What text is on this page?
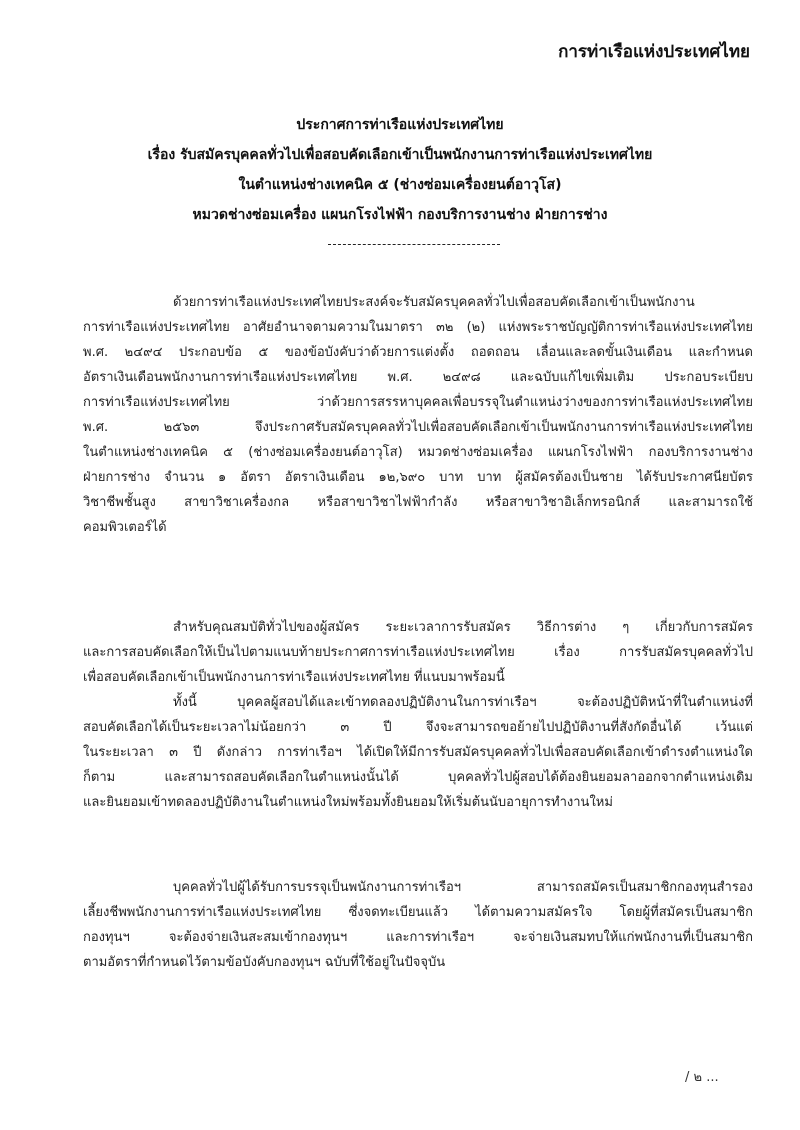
การท่าเรือแห่งประเทศไทย
ประกาศการท่าเรือแห่งประเทศไทย
เรื่อง รับสมัครบุคคลทั่วไปเพื่อสอบคัดเลือกเข้าเป็นพนักงานการท่าเรือแห่งประเทศไทย
ในตำแหน่งช่างเทคนิค ๕ (ช่างซ่อมเครื่องยนต์อาวุโส)
หมวดช่างซ่อมเครื่อง แผนกโรงไฟฟ้า กองบริการงานช่าง ฝ่ายการช่าง
ด้วยการท่าเรือแห่งประเทศไทยประสงค์จะรับสมัครบุคคลทั่วไปเพื่อสอบคัดเลือกเข้าเป็นพนักงาน
การท่าเรือแห่งประเทศไทย อาศัยอำนาจตามความในมาตรา ๓๒ (๒) แห่งพระราชบัญญัติการท่าเรือแห่งประเทศไทย
พ.ศ. ๒๔๙๔ ประกอบข้อ ๕ ของข้อบังคับว่าด้วยการแต่งตั้ง ถอดถอน เลื่อนและลดขั้นเงินเดือน และกำหนด
อัตราเงินเดือนพนักงานการท่าเรือแห่งประเทศไทย พ.ศ. ๒๔๙๘ และฉบับแก้ไขเพิ่มเติม ประกอบระเบียบ
การท่าเรือแห่งประเทศไทย ว่าด้วยการสรรหาบุคคลเพื่อบรรจุในตำแหน่งว่างของการท่าเรือแห่งประเทศไทย
พ.ศ. ๒๕๖๓ จึงประกาศรับสมัครบุคคลทั่วไปเพื่อสอบคัดเลือกเข้าเป็นพนักงานการท่าเรือแห่งประเทศไทย
ในตำแหน่งช่างเทคนิค ๕ (ช่างซ่อมเครื่องยนต์อาวุโส) หมวดช่างซ่อมเครื่อง แผนกโรงไฟฟ้า กองบริการงานช่าง
ฝ่ายการช่าง จำนวน ๑ อัตรา อัตราเงินเดือน ๑๒,๖๙๐ บาท บาท ผู้สมัครต้องเป็นชาย ได้รับประกาศนียบัตร
วิชาชีพชั้นสูง สาขาวิชาเครื่องกล หรือสาขาวิชาไฟฟ้ากำลัง หรือสาขาวิชาอิเล็กทรอนิกส์ และสามารถใช้
คอมพิวเตอร์ได้
สำหรับคุณสมบัติทั่วไปของผู้สมัคร ระยะเวลาการรับสมัคร วิธีการต่าง ๆ เกี่ยวกับการสมัคร
และการสอบคัดเลือกให้เป็นไปตามแนบท้ายประกาศการท่าเรือแห่งประเทศไทย เรื่อง การรับสมัครบุคคลทั่วไป
เพื่อสอบคัดเลือกเข้าเป็นพนักงานการท่าเรือแห่งประเทศไทย ที่แนบมาพร้อมนี้
ทั้งนี้ บุคคลผู้สอบได้และเข้าทดลองปฏิบัติงานในการท่าเรือฯ จะต้องปฏิบัติหน้าที่ในตำแหน่งที่
สอบคัดเลือกได้เป็นระยะเวลาไม่น้อยกว่า ๓ ปี จึงจะสามารถขอย้ายไปปฏิบัติงานที่สังกัดอื่นได้ เว้นแต่
ในระยะเวลา ๓ ปี ดังกล่าว การท่าเรือฯ ได้เปิดให้มีการรับสมัครบุคคลทั่วไปเพื่อสอบคัดเลือกเข้าดำรงตำแหน่งใด
ก็ตาม และสามารถสอบคัดเลือกในตำแหน่งนั้นได้ บุคคลทั่วไปผู้สอบได้ต้องยินยอมลาออกจากตำแหน่งเดิม
และยินยอมเข้าทดลองปฏิบัติงานในตำแหน่งใหม่พร้อมทั้งยินยอมให้เริ่มต้นนับอายุการทำงานใหม่
บุคคลทั่วไปผู้ได้รับการบรรจุเป็นพนักงานการท่าเรือฯ สามารถสมัครเป็นสมาชิกกองทุนสำรอง
เลี้ยงชีพพนักงานการท่าเรือแห่งประเทศไทย ซึ่งจดทะเบียนแล้ว ได้ตามความสมัครใจ โดยผู้ที่สมัครเป็นสมาชิก
กองทุนฯ จะต้องจ่ายเงินสะสมเข้ากองทุนฯ และการท่าเรือฯ จะจ่ายเงินสมทบให้แก่พนักงานที่เป็นสมาชิก
ตามอัตราที่กำหนดไว้ตามข้อบังคับกองทุนฯ ฉบับที่ใช้อยู่ในปัจจุบัน
/ ๒ ...
